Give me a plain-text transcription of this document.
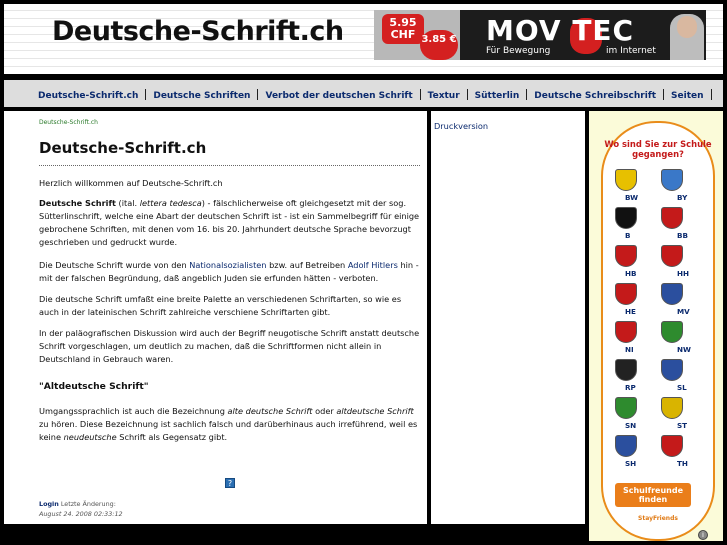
Deutsche-Schrift.ch	5.95 CHF 3.85 € MOV TEC
Für Bewegung	im Internet
Deutsche-Schrift.ch Deutsche Schriften Verbot der deutschen Schrift Textur Sütterlin Deutsche Schreibschrift Seiten
Deutsche-Schrift.ch
Deutsche-Schrift.ch
Herzlich willkommen auf Deutsche-Schrift.ch
Deutsche Schrift (ital. lettera tedesca) - fälschlicherweise oft gleichgesetzt mit der sog. Sütterlinschrift, welche eine Abart der deutschen Schrift ist - ist ein Sammelbegriff für einige gebrochene Schriften, mit denen vom 16. bis 20. Jahrhundert deutsche Sprache bevorzugt geschrieben und gedruckt wurde.
Die Deutsche Schrift wurde von den Nationalsozialisten bzw. auf Betreiben Adolf Hitlers hin - mit der falschen Begründung, daß angeblich Juden sie erfunden hätten - verboten.
Die deutsche Schrift umfaßt eine breite Palette an verschiedenen Schriftarten, so wie es auch in der lateinischen Schrift zahlreiche verschiene Schriftarten gibt.
In der paläografischen Diskussion wird auch der Begriff neugotische Schrift anstatt deutsche Schrift vorgeschlagen, um deutlich zu machen, daß die Schriftformen nicht allein in Deutschland in Gebrauch waren.
"Altdeutsche Schrift"
Umgangssprachlich ist auch die Bezeichnung alte deutsche Schrift oder altdeutsche Schrift zu hören. Diese Bezeichnung ist sachlich falsch und darüberhinaus auch irreführend, weil es keine neudeutsche Schrift als Gegensatz gibt.
?
Login Letzte Änderung:
August 24. 2008 02:33:12
Druckversion
Wo sind Sie zur Schule gegangen?
BW	BY
B	BB
HB	HH
HE	MV
NI	NW
RP	SL
SN	ST
SH	TH
Schulfreunde finden
StayFriends
i
